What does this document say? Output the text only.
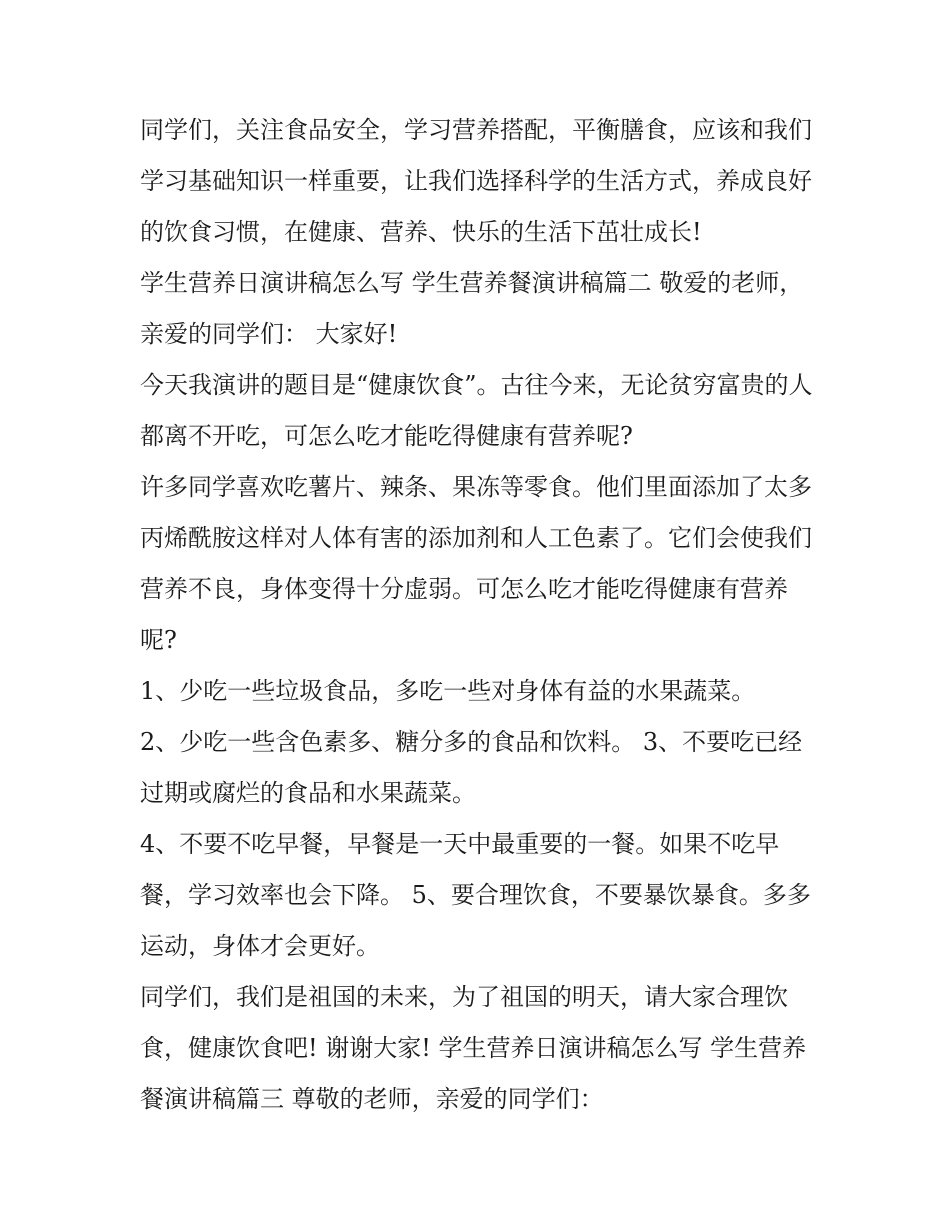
同学们，关注食品安全，学习营养搭配，平衡膳食，应该和我们学习基础知识一样重要，让我们选择科学的生活方式，养成良好的饮食习惯，在健康、营养、快乐的生活下茁壮成长!

学生营养日演讲稿怎么写 学生营养餐演讲稿篇二 敬爱的老师，亲爱的同学们： 大家好!

今天我演讲的题目是“健康饮食”。古往今来，无论贫穷富贵的人都离不开吃，可怎么吃才能吃得健康有营养呢?

许多同学喜欢吃薯片、辣条、果冻等零食。他们里面添加了太多丙烯酰胺这样对人体有害的添加剂和人工色素了。它们会使我们营养不良，身体变得十分虚弱。可怎么吃才能吃得健康有营养呢?

1、少吃一些垃圾食品，多吃一些对身体有益的水果蔬菜。

2、少吃一些含色素多、糖分多的食品和饮料。 3、不要吃已经过期或腐烂的食品和水果蔬菜。

4、不要不吃早餐，早餐是一天中最重要的一餐。如果不吃早餐，学习效率也会下降。 5、要合理饮食，不要暴饮暴食。多多运动，身体才会更好。

同学们，我们是祖国的未来，为了祖国的明天，请大家合理饮食，健康饮食吧! 谢谢大家! 学生营养日演讲稿怎么写 学生营养餐演讲稿篇三 尊敬的老师，亲爱的同学们：
